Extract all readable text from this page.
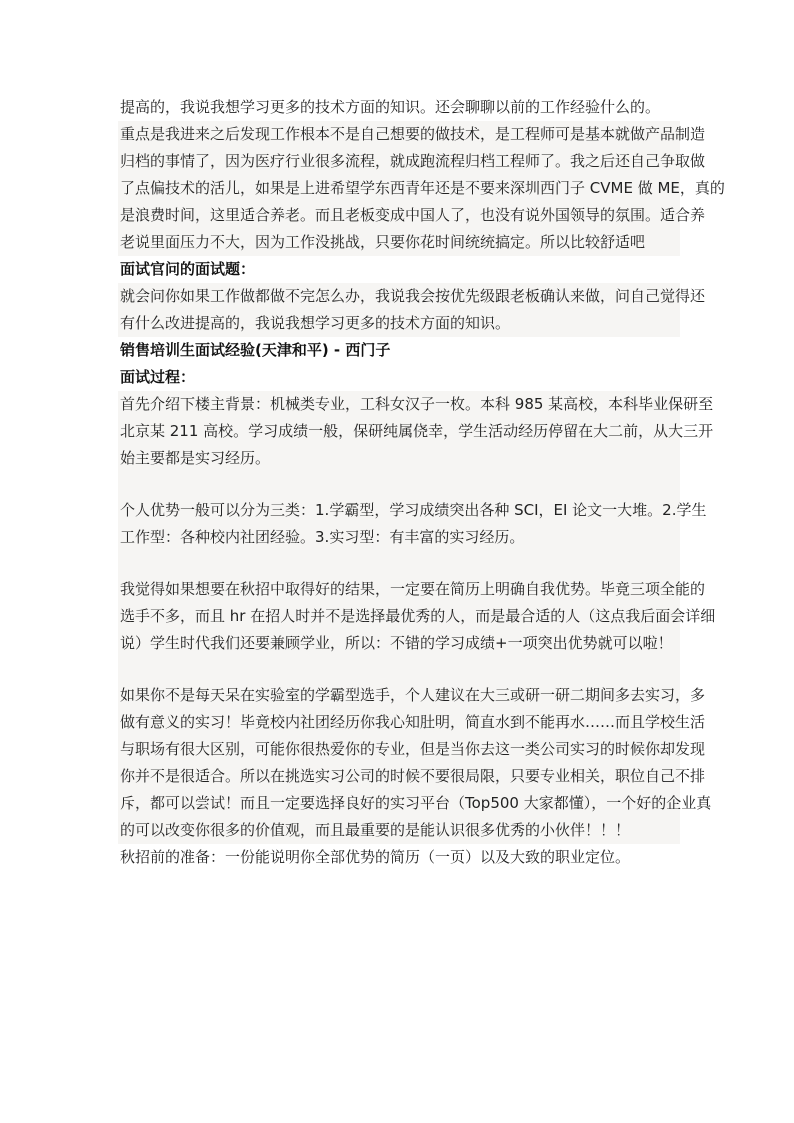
提高的，我说我想学习更多的技术方面的知识。还会聊聊以前的工作经验什么的。
重点是我进来之后发现工作根本不是自己想要的做技术，是工程师可是基本就做产品制造
归档的事情了，因为医疗行业很多流程，就成跑流程归档工程师了。我之后还自己争取做
了点偏技术的活儿，如果是上进希望学东西青年还是不要来深圳西门子 CVME 做 ME，真的
是浪费时间，这里适合养老。而且老板变成中国人了，也没有说外国领导的氛围。适合养
老说里面压力不大，因为工作没挑战，只要你花时间统统搞定。所以比较舒适吧
面试官问的面试题：
就会问你如果工作做都做不完怎么办，我说我会按优先级跟老板确认来做，问自己觉得还
有什么改进提高的，我说我想学习更多的技术方面的知识。
销售培训生面试经验(天津和平) - 西门子
面试过程：
首先介绍下楼主背景：机械类专业，工科女汉子一枚。本科 985 某高校，本科毕业保研至
北京某 211 高校。学习成绩一般，保研纯属侥幸，学生活动经历停留在大二前，从大三开
始主要都是实习经历。
个人优势一般可以分为三类：1.学霸型，学习成绩突出各种 SCI，EI 论文一大堆。2.学生
工作型：各种校内社团经验。3.实习型：有丰富的实习经历。
我觉得如果想要在秋招中取得好的结果，一定要在简历上明确自我优势。毕竟三项全能的
选手不多，而且 hr 在招人时并不是选择最优秀的人，而是最合适的人（这点我后面会详细
说）学生时代我们还要兼顾学业，所以：不错的学习成绩+一项突出优势就可以啦！
如果你不是每天呆在实验室的学霸型选手，个人建议在大三或研一研二期间多去实习，多
做有意义的实习！毕竟校内社团经历你我心知肚明，简直水到不能再水……而且学校生活
与职场有很大区别，可能你很热爱你的专业，但是当你去这一类公司实习的时候你却发现
你并不是很适合。所以在挑选实习公司的时候不要很局限，只要专业相关，职位自己不排
斥，都可以尝试！而且一定要选择良好的实习平台（Top500 大家都懂），一个好的企业真
的可以改变你很多的价值观，而且最重要的是能认识很多优秀的小伙伴！！！
秋招前的准备：一份能说明你全部优势的简历（一页）以及大致的职业定位。
